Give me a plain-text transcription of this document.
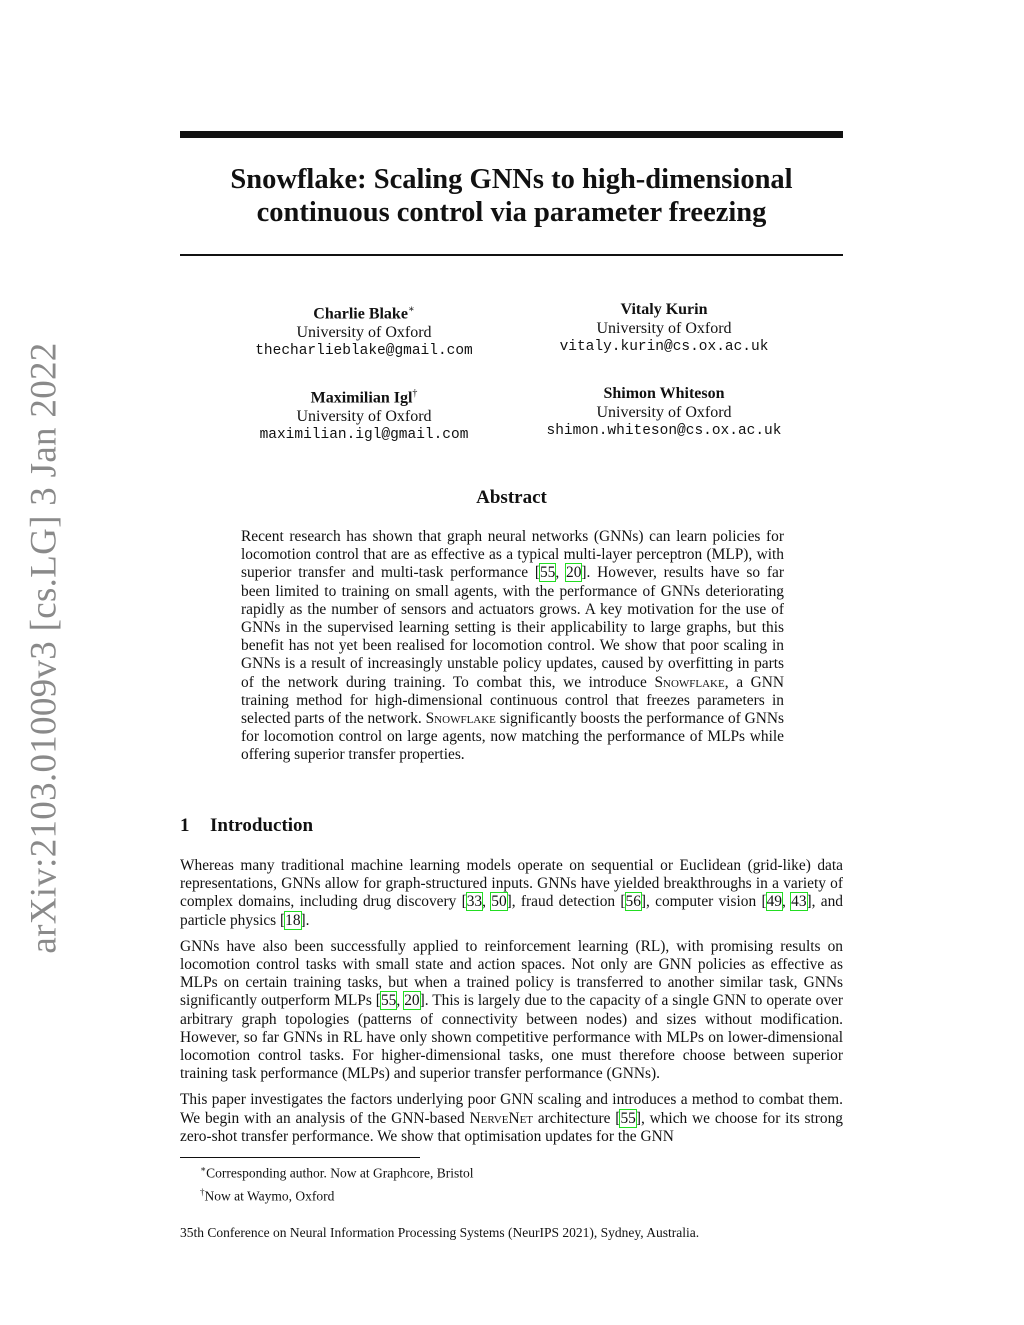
arXiv:2103.01009v3 [cs.LG] 3 Jan 2022
Snowflake: Scaling GNNs to high-dimensional
continuous control via parameter freezing
Charlie Blake∗
University of Oxford
thecharlieblake@gmail.com
Vitaly Kurin
University of Oxford
vitaly.kurin@cs.ox.ac.uk
Maximilian Igl†
University of Oxford
maximilian.igl@gmail.com
Shimon Whiteson
University of Oxford
shimon.whiteson@cs.ox.ac.uk
Abstract
Recent research has shown that graph neural networks (GNNs) can learn policies for locomotion control that are as effective as a typical multi-layer perceptron (MLP), with superior transfer and multi-task performance [55, 20]. However, results have so far been limited to training on small agents, with the performance of GNNs deteriorating rapidly as the number of sensors and actuators grows. A key motivation for the use of GNNs in the supervised learning setting is their applicability to large graphs, but this benefit has not yet been realised for locomotion control. We show that poor scaling in GNNs is a result of increasingly unstable policy updates, caused by overfitting in parts of the network during training. To combat this, we introduce Snowflake, a GNN training method for high-dimensional continuous control that freezes parameters in selected parts of the network. Snowflake significantly boosts the performance of GNNs for locomotion control on large agents, now matching the performance of MLPs while offering superior transfer properties.
1 Introduction

Whereas many traditional machine learning models operate on sequential or Euclidean (grid-like) data representations, GNNs allow for graph-structured inputs. GNNs have yielded breakthroughs in a variety of complex domains, including drug discovery [33, 50], fraud detection [56], computer vision [49, 43], and particle physics [18].

GNNs have also been successfully applied to reinforcement learning (RL), with promising results on locomotion control tasks with small state and action spaces. Not only are GNN policies as effective as MLPs on certain training tasks, but when a trained policy is transferred to another similar task, GNNs significantly outperform MLPs [55, 20]. This is largely due to the capacity of a single GNN to operate over arbitrary graph topologies (patterns of connectivity between nodes) and sizes without modification. However, so far GNNs in RL have only shown competitive performance with MLPs on lower-dimensional locomotion control tasks. For higher-dimensional tasks, one must therefore choose between superior training task performance (MLPs) and superior transfer performance (GNNs).

This paper investigates the factors underlying poor GNN scaling and introduces a method to combat them. We begin with an analysis of the GNN-based NerveNet architecture [55], which we choose for its strong zero-shot transfer performance. We show that optimisation updates for the GNN

∗Corresponding author. Now at Graphcore, Bristol
†Now at Waymo, Oxford
35th Conference on Neural Information Processing Systems (NeurIPS 2021), Sydney, Australia.
